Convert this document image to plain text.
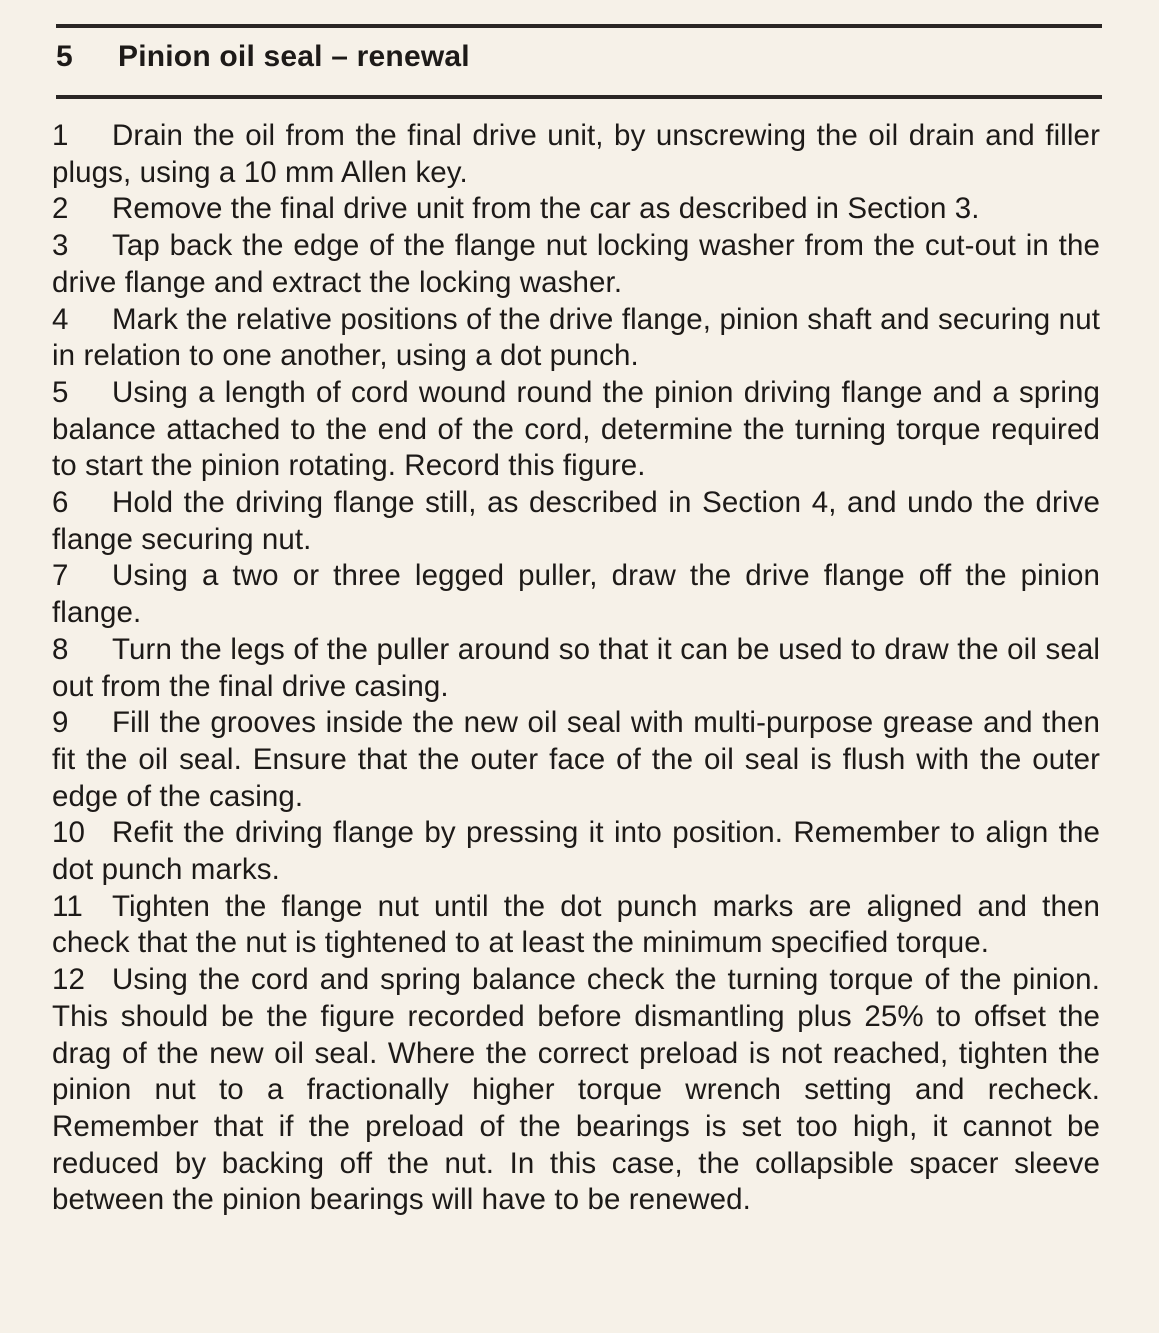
5 Pinion oil seal – renewal

1 Drain the oil from the final drive unit, by unscrewing the oil drain and filler plugs, using a 10 mm Allen key.

2 Remove the final drive unit from the car as described in Section 3.

3 Tap back the edge of the flange nut locking washer from the cut-out in the drive flange and extract the locking washer.

4 Mark the relative positions of the drive flange, pinion shaft and securing nut in relation to one another, using a dot punch.

5 Using a length of cord wound round the pinion driving flange and a spring balance attached to the end of the cord, determine the turning torque required to start the pinion rotating. Record this figure.

6 Hold the driving flange still, as described in Section 4, and undo the drive flange securing nut.

7 Using a two or three legged puller, draw the drive flange off the pinion flange.

8 Turn the legs of the puller around so that it can be used to draw the oil seal out from the final drive casing.

9 Fill the grooves inside the new oil seal with multi-purpose grease and then fit the oil seal. Ensure that the outer face of the oil seal is flush with the outer edge of the casing.

10 Refit the driving flange by pressing it into position. Remember to align the dot punch marks.

11 Tighten the flange nut until the dot punch marks are aligned and then check that the nut is tightened to at least the minimum specified torque.

12 Using the cord and spring balance check the turning torque of the pinion. This should be the figure recorded before dismantling plus 25% to offset the drag of the new oil seal. Where the correct preload is not reached, tighten the pinion nut to a fractionally higher torque wrench setting and recheck. Remember that if the preload of the bearings is set too high, it cannot be reduced by backing off the nut. In this case, the collapsible spacer sleeve between the pinion bearings will have to be renewed.
